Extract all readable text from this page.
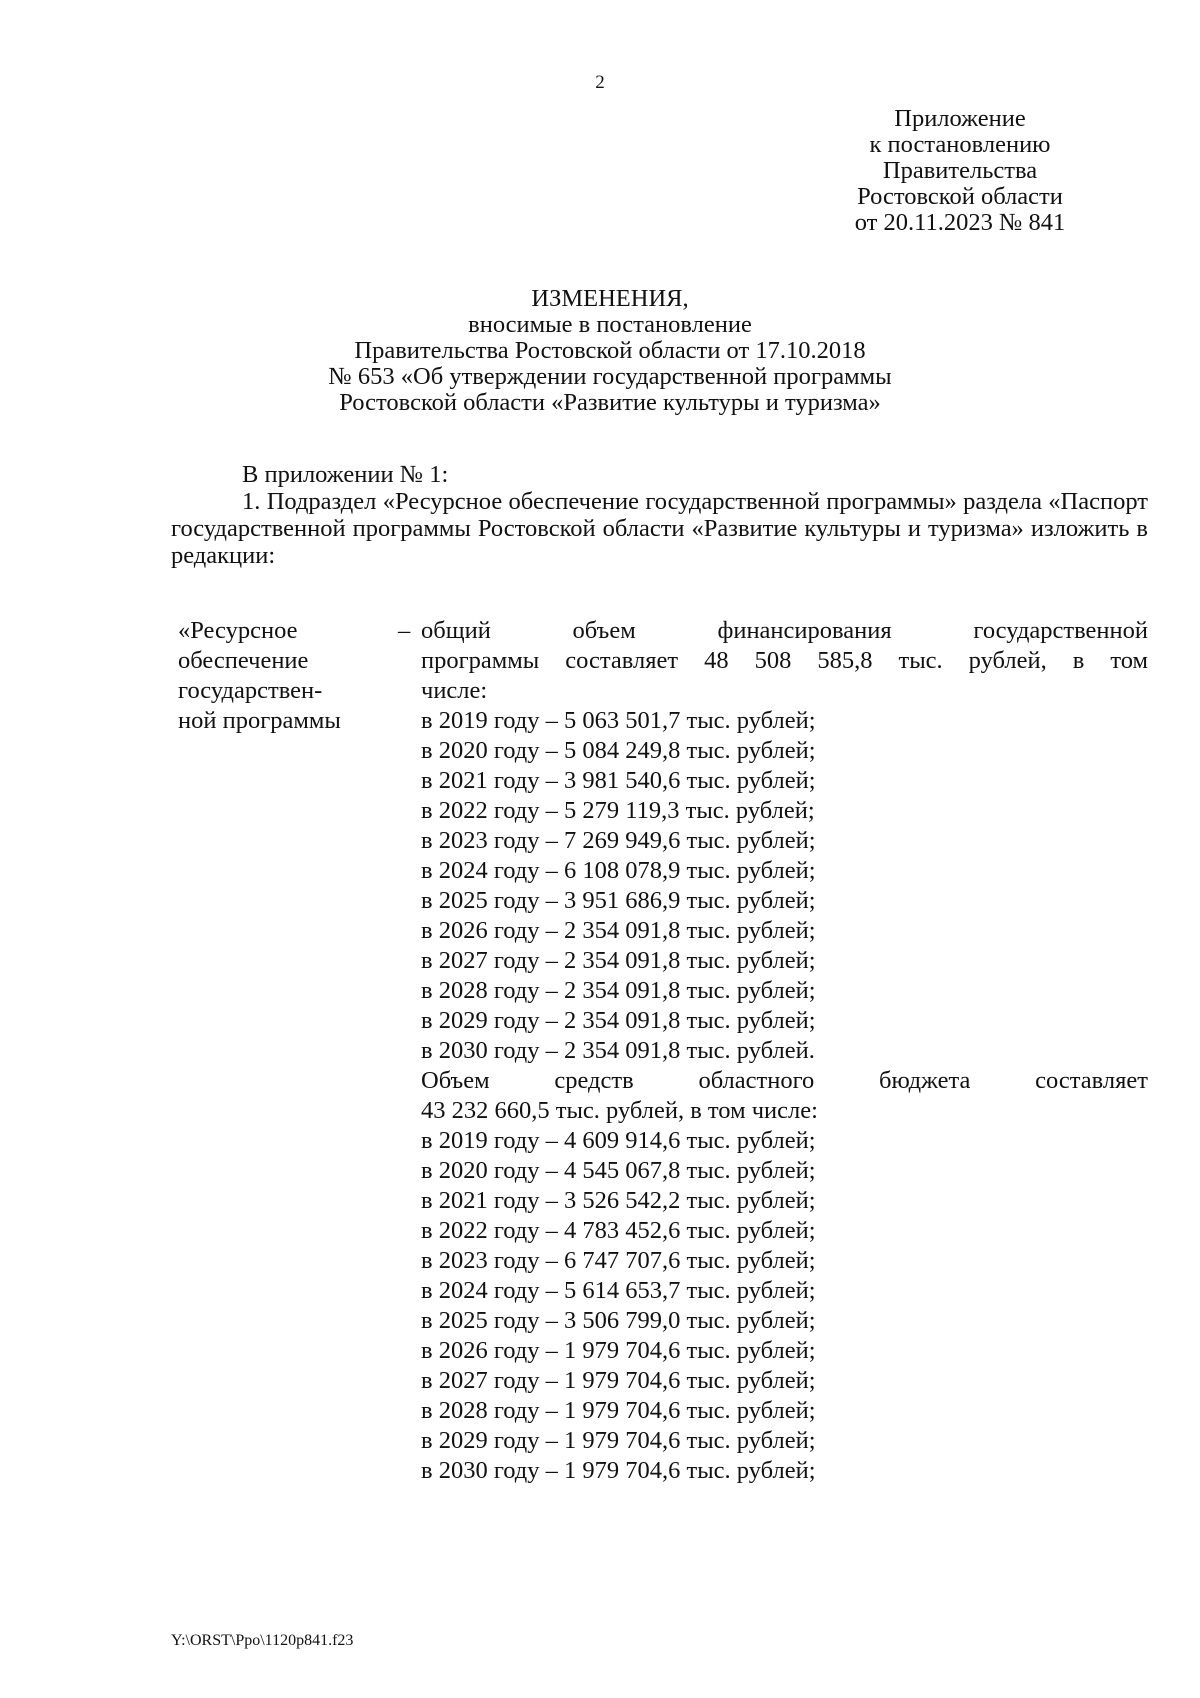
2
Приложение
к постановлению
Правительства
Ростовской области
от 20.11.2023 № 841
ИЗМЕНЕНИЯ,
вносимые в постановление
Правительства Ростовской области от 17.10.2018
№ 653 «Об утверждении государственной программы
Ростовской области «Развитие культуры и туризма»
В приложении № 1:
1. Подраздел «Ресурсное обеспечение государственной программы» раздела «Паспорт государственной программы Ростовской области «Развитие культуры и туризма» изложить в редакции:
«Ресурсное
обеспечение
государствен-
ной программы
– общий объем финансирования государственной
программы составляет 48 508 585,8 тыс. рублей, в том
числе:
в 2019 году – 5 063 501,7 тыс. рублей;
в 2020 году – 5 084 249,8 тыс. рублей;
в 2021 году – 3 981 540,6 тыс. рублей;
в 2022 году – 5 279 119,3 тыс. рублей;
в 2023 году – 7 269 949,6 тыс. рублей;
в 2024 году – 6 108 078,9 тыс. рублей;
в 2025 году – 3 951 686,9 тыс. рублей;
в 2026 году – 2 354 091,8 тыс. рублей;
в 2027 году – 2 354 091,8 тыс. рублей;
в 2028 году – 2 354 091,8 тыс. рублей;
в 2029 году – 2 354 091,8 тыс. рублей;
в 2030 году – 2 354 091,8 тыс. рублей.
Объем средств областного бюджета составляет
43 232 660,5 тыс. рублей, в том числе:
в 2019 году – 4 609 914,6 тыс. рублей;
в 2020 году – 4 545 067,8 тыс. рублей;
в 2021 году – 3 526 542,2 тыс. рублей;
в 2022 году – 4 783 452,6 тыс. рублей;
в 2023 году – 6 747 707,6 тыс. рублей;
в 2024 году – 5 614 653,7 тыс. рублей;
в 2025 году – 3 506 799,0 тыс. рублей;
в 2026 году – 1 979 704,6 тыс. рублей;
в 2027 году – 1 979 704,6 тыс. рублей;
в 2028 году – 1 979 704,6 тыс. рублей;
в 2029 году – 1 979 704,6 тыс. рублей;
в 2030 году – 1 979 704,6 тыс. рублей;
Y:\ORST\Ppo\1120p841.f23
